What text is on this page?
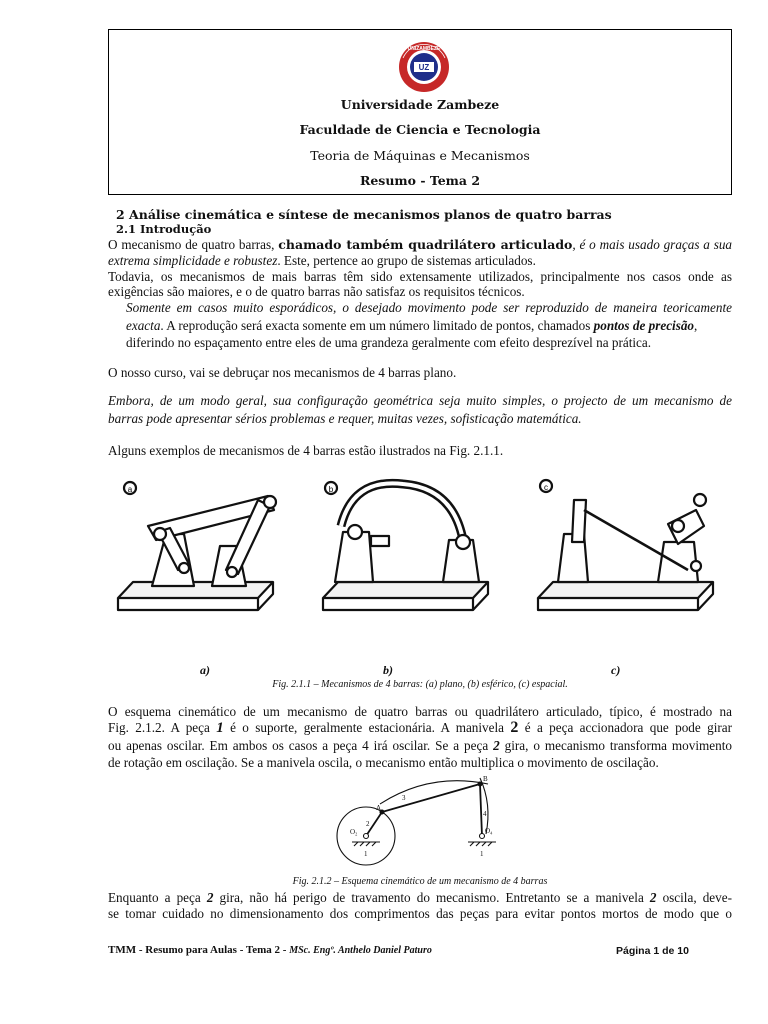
UNIZAMBEZE
UZ
Universidade Zambeze
Faculdade de Ciencia e Tecnologia
Teoria de Máquinas e Mecanismos
Resumo - Tema 2
2 Análise cinemática e síntese de mecanismos planos de quatro barras
2.1 Introdução
O mecanismo de quatro barras, chamado também quadrilátero articulado, é o mais usado graças a sua
extrema simplicidade e robustez. Este, pertence ao grupo de sistemas articulados.
Todavia, os mecanismos de mais barras têm sido extensamente utilizados, principalmente nos casos onde as
exigências são maiores, e o de quatro barras não satisfaz os requisitos técnicos.
Somente em casos muito esporádicos, o desejado movimento pode ser reproduzido de maneira teoricamente
exacta. A reprodução será exacta somente em um número limitado de pontos, chamados pontos de precisão,
diferindo no espaçamento entre eles de uma grandeza geralmente com efeito desprezível na prática.
O nosso curso, vai se debruçar nos mecanismos de 4 barras plano.
Embora, de um modo geral, sua configuração geométrica seja muito simples, o projecto de um mecanismo de
barras pode apresentar sérios problemas e requer, muitas vezes, sofisticação matemática.
Alguns exemplos de mecanismos de 4 barras estão ilustrados na Fig. 2.1.1.
a	b	c
a)	b)	c)
Fig. 2.1.1 – Mecanismos de 4 barras: (a) plano, (b) esférico, (c) espacial.
O esquema cinemático de um mecanismo de quatro barras ou quadrilátero articulado, típico, é mostrado na
Fig. 2.1.2. A peça 1 é o suporte, geralmente estacionária. A manivela 2 é a peça accionadora que pode girar
ou apenas oscilar. Em ambos os casos a peça 4 irá oscilar. Se a peça 2 gira, o mecanismo transforma movimento
de rotação em oscilação. Se a manivela oscila, o mecanismo então multiplica o movimento de oscilação.
A
B
O₂	O₄
1	1
2
3
4
Fig. 2.1.2 – Esquema cinemático de um mecanismo de 4 barras
Enquanto a peça 2 gira, não há perigo de travamento do mecanismo. Entretanto se a manivela 2 oscila, deve-
se tomar cuidado no dimensionamento dos comprimentos das peças para evitar pontos mortos de modo que o
TMM - Resumo para Aulas - Tema 2 - MSc. Engº. Anthelo Daniel Paturo	Página 1 de 10
